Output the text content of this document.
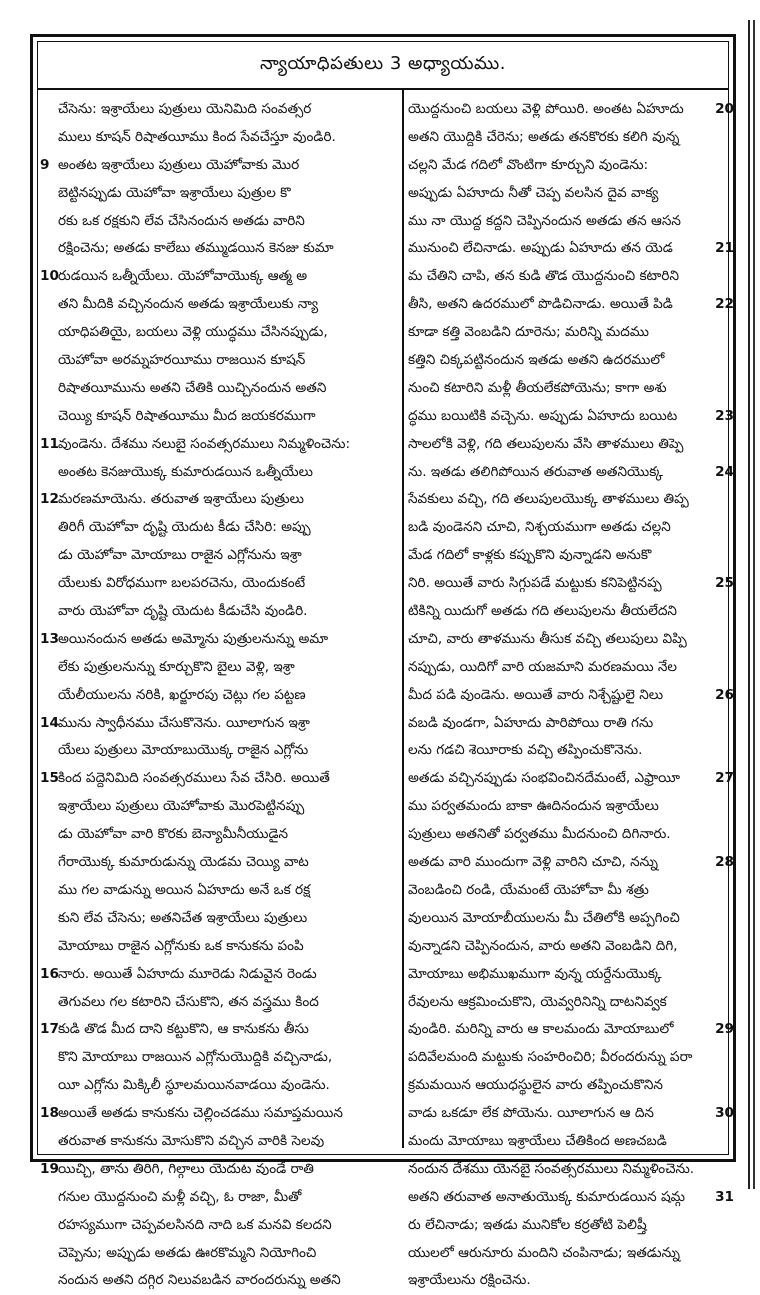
న్యాయాధిపతులు 3 అధ్యాయము.
చేసెను: ఇశ్రాయేలు పుత్రులు యెనిమిది సంవత్సర
ములు కూషన్ రిషాతయీము కింద సేవచేస్తూ వుండిరి.
అంతట ఇశ్రాయేలు పుత్రులు యెహోవాకు మొర
9
బెట్టినప్పుడు యెహోవా ఇశ్రాయేలు పుత్రుల కొ
రకు ఒక రక్షకుని లేవ చేసినందున అతడు వారిని
రక్షించెను; అతడు కాలేబు తమ్ముడయిన కెనజు కుమా
రుడయిన ఒత్నీయేలు. యెహోవాయొక్క ఆత్మ అ
10
తని మీదికి వచ్చినందున అతడు ఇశ్రాయేలుకు న్యా
యాధిపతియై, బయలు వెళ్లి యుద్ధము చేసినప్పుడు,
యెహోవా అరమ్నహరయీము రాజయిన కూషన్
రిషాతయీమును అతని చేతికి యిచ్చినందున అతని
చెయ్యి కూషన్ రిషాతయీము మీద జయకరముగా
వుండెను. దేశము నలుబై సంవత్సరములు నిమ్మళించెను:
11
అంతట కెనజుయొక్క కుమారుడయిన ఒత్నీయేలు
మరణమాయెను. తరువాత ఇశ్రాయేలు పుత్రులు
12
తిరిగీ యెహోవా దృష్టి యెదుట కీడు చేసిరి: అప్పు
డు యెహోవా మోయాబు రాజైన ఎగ్లోనును ఇశ్రా
యేలుకు విరోధముగా బలపరచెను, యెందుకంటే
వారు యెహోవా దృష్టి యెదుట కీడుచేసి వుండిరి.
అయినందున అతడు అమ్మోను పుత్రులనున్ను అమా
13
లేకు పుత్రులనున్ను కూర్చుకొని బైలు వెళ్లి, ఇశ్రా
యేలీయులను నరికి, ఖర్జూరపు చెట్లు గల పట్టణ
మును స్వాధీనము చేసుకొనెను. యీలాగున ఇశ్రా
14
యేలు పుత్రులు మోయాబుయొక్క రాజైన ఎగ్లోను
కింద పద్దెనిమిది సంవత్సరములు సేవ చేసిరి. అయితే
15
ఇశ్రాయేలు పుత్రులు యెహోవాకు మొరపెట్టినప్పు
డు యెహోవా వారి కొరకు బెన్యామీనీయుడైన
గేరాయొక్క కుమారుడున్ను యెడమ చెయ్యి వాట
ము గల వాడున్ను అయిన ఏహూదు అనే ఒక రక్ష
కుని లేవ చేసెను; అతనిచేత ఇశ్రాయేలు పుత్రులు
మోయాబు రాజైన ఎగ్లోనుకు ఒక కానుకను పంపి
నారు. అయితే ఏహూదు మూరెడు నిడువైన రెండు
16
తెగువలు గల కటారిని చేసుకొని, తన వస్త్రము కింద
కుడి తొడ మీద దాని కట్టుకొని, ఆ కానుకను తీసు
17
కొని మోయాబు రాజయిన ఎగ్లోనుయొద్దికి వచ్చినాడు,
యీ ఎగ్లోను మిక్కిలీ స్థూలమయినవాడయి వుండెను.
అయితే అతడు కానుకను చెల్లించడము సమాప్తమయిన
18
తరువాత కానుకను మోసుకొని వచ్చిన వారికి సెలవు
యిచ్చి, తాను తిరిగి, గిల్గాలు యెదుట వుండే రాతి
19
గనుల యొద్దనుంచి మళ్లీ వచ్చి, ఓ రాజా, మీతో
రహస్యముగా చెప్పవలసినది నాది ఒక మనవి కలదని
చెప్పెను; అప్పుడు అతడు ఊరకొమ్మని నియోగించి
నందున అతని దగ్గిర నిలువబడిన వారందరున్ను అతని
యొద్దనుంచి బయలు వెళ్లి పోయిరి. అంతట ఏహూదు 20
అతని యొద్దికి చేరెను; అతడు తనకొరకు కలిగి వున్న
చల్లని మేడ గదిలో వొంటిగా కూర్చుని వుండెను:
అప్పుడు ఏహూదు నీతో చెప్ప వలసిన దైవ వాక్య
ము నా యొద్ద కద్దని చెప్పినందున అతడు తన ఆసన
మునుంచి లేచినాడు. అప్పుడు ఏహూదు తన యెడ	21
మ చేతిని చాపి, తన కుడి తొడ యొద్దనుంచి కటారిని
తీసి, అతని ఉదరములో పొడిచినాడు. అయితే పిడి	22
కూడా కత్తి వెంబడిని దూరెను; మరిన్ని మదము
కత్తిని చిక్కపట్టినందున ఇతడు అతని ఉదరములో
నుంచి కటారిని మళ్లీ తీయలేకపోయెను; కాగా అశు
ద్ధము బయిటికి వచ్చెను. అప్పుడు ఏహూదు బయిట	23
సాలలోకి వెళ్లి, గది తలుపులను వేసి తాళములు తిప్పె
ను. ఇతడు తలిగిపోయిన తరువాత అతనియొక్క	24
సేవకులు వచ్చి, గది తలుపులయొక్క తాళములు తిప్ప
బడి వుండెనని చూచి, నిశ్చయముగా అతడు చల్లని
మేడ గదిలో కాళ్లకు కప్పుకొని వున్నాడని అనుకొ
నిరి. అయితే వారు సిగ్గుపడే మట్టుకు కనిపెట్టినప్ప	25
టికిన్ని యిదుగో అతడు గది తలుపులను తీయలేదని
చూచి, వారు తాళమును తీసుక వచ్చి తలుపులు విప్పి
నప్పుడు, యిదిగో వారి యజమాని మరణమయి నేల
మీద పడి వుండెను. అయితే వారు నిశ్చేష్టులై నిలు	26
వబడి వుండగా, ఏహూదు పారిపోయి రాతి గను
లను గడచి శెయీరాకు వచ్చి తప్పించుకొనెను.
అతడు వచ్చినప్పుడు సంభవించినదేమంటే, ఎఫ్రాయీ	27
ము పర్వతమందు బాకా ఊదినందున ఇశ్రాయేలు
పుత్రులు అతనితో పర్వతము మీదనుంచి దిగినారు.
అతడు వారి ముందుగా వెళ్లి వారిని చూచి, నన్ను	28
వెంబడించి రండి, యేమంటే యెహోవా మీ శత్రు
వులయిన మోయాబీయులను మీ చేతిలోకి అప్పగించి
వున్నాడని చెప్పినందున, వారు అతని వెంబడిని దిగి,
మోయాబు అభిముఖముగా వున్న యర్దేనుయొక్క
రేవులను ఆక్రమించుకొని, యెవ్వరినిన్ని దాటనివ్వక
వుండిరి. మరిన్ని వారు ఆ కాలమందు మోయాబులో	29
పదివేలమంది మట్టుకు సంహరించిరి; వీరందరున్ను పరా
క్రమమయిన ఆయుధస్థులైన వారు తప్పించుకొనిన
వాడు ఒకడూ లేక పోయెను. యీలాగున ఆ దిన	30
మందు మోయాబు ఇశ్రాయేలు చేతికింద అణచబడి
నందున దేశము యెనబై సంవత్సరములు నిమ్మళించెను.
అతని తరువాత అనాతుయొక్క కుమారుడయిన షమ్గ 31
రు లేచినాడు; ఇతడు మునికోల కర్రతోటి పెలిష్తీ
యులలో ఆరునూరు మందిని చంపినాడు; ఇతడున్ను
ఇశ్రాయేలును రక్షించెను.
